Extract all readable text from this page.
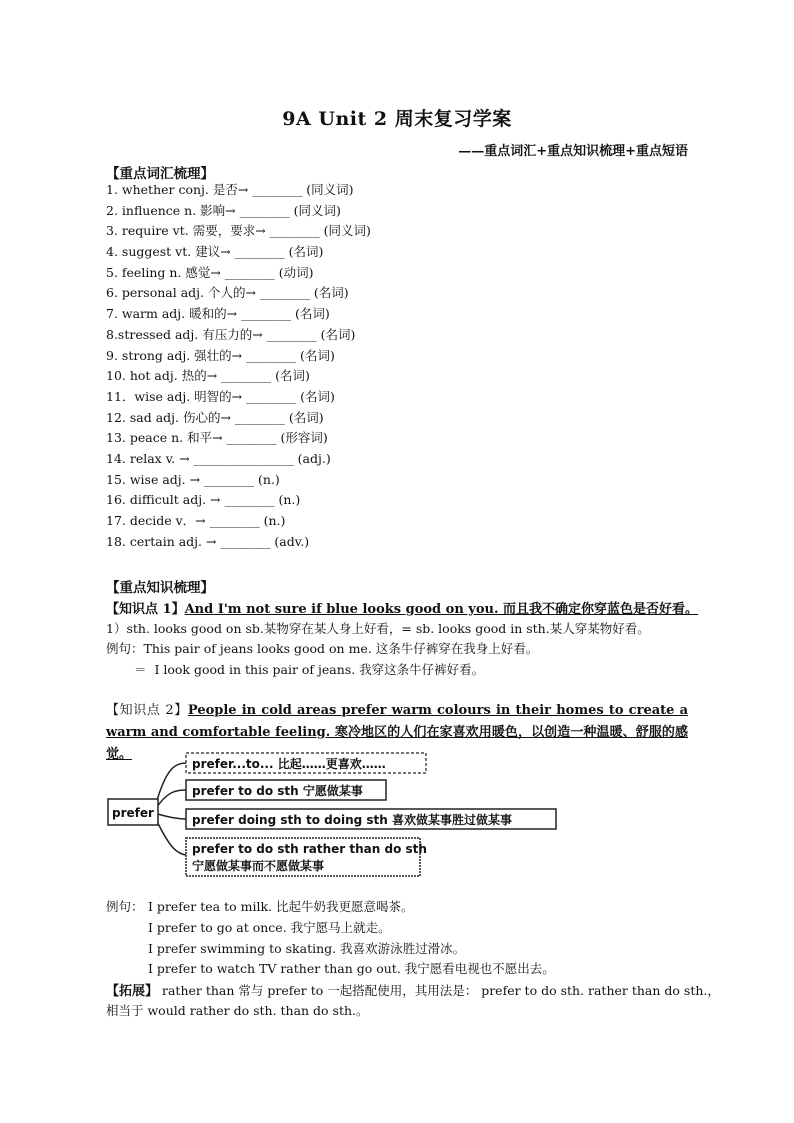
9A Unit 2 周末复习学案
——重点词汇+重点知识梳理+重点短语
【重点词汇梳理】
1. whether conj. 是否→ ________ (同义词)
2. influence n. 影响→ ________ (同义词)
3. require vt. 需要，要求→ ________ (同义词)
4. suggest vt. 建议→ ________ (名词)
5. feeling n. 感觉→ ________ (动词)
6. personal adj. 个人的→ ________ (名词)
7. warm adj. 暖和的→ ________ (名词)
8.stressed adj. 有压力的→ ________ (名词)
9. strong adj. 强壮的→ ________ (名词)
10. hot adj. 热的→ ________ (名词)
11．wise adj. 明智的→ ________ (名词)
12. sad adj. 伤心的→ ________ (名词)
13. peace n. 和平→ ________ (形容词)
14. relax v. → ________________ (adj.)
15. wise adj. → ________ (n.)
16. difficult adj. → ________ (n.)
17. decide v．→ ________ (n.)
18. certain adj. → ________ (adv.)
【重点知识梳理】
【知识点 1】And I'm not sure if blue looks good on you. 而且我不确定你穿蓝色是否好看。
1）sth. looks good on sb.某物穿在某人身上好看，= sb. looks good in sth.某人穿某物好看。
例句：This pair of jeans looks good on me. 这条牛仔裤穿在我身上好看。
＝ I look good in this pair of jeans. 我穿这条牛仔裤好看。
【知识点 2】People in cold areas prefer warm colours in their homes to create a warm and comfortable feeling. 寒冷地区的人们在家喜欢用暖色，以创造一种温暖、舒服的感觉。
prefer
prefer...to... 比起……更喜欢……
prefer to do sth 宁愿做某事
prefer doing sth to doing sth 喜欢做某事胜过做某事
prefer to do sth rather than do sth
宁愿做某事而不愿做某事
例句： I prefer tea to milk. 比起牛奶我更愿意喝茶。
I prefer to go at once. 我宁愿马上就走。
I prefer swimming to skating. 我喜欢游泳胜过滑冰。
I prefer to watch TV rather than go out. 我宁愿看电视也不愿出去。
【拓展】 rather than 常与 prefer to 一起搭配使用，其用法是： prefer to do sth. rather than do sth.，
相当于 would rather do sth. than do sth.。
